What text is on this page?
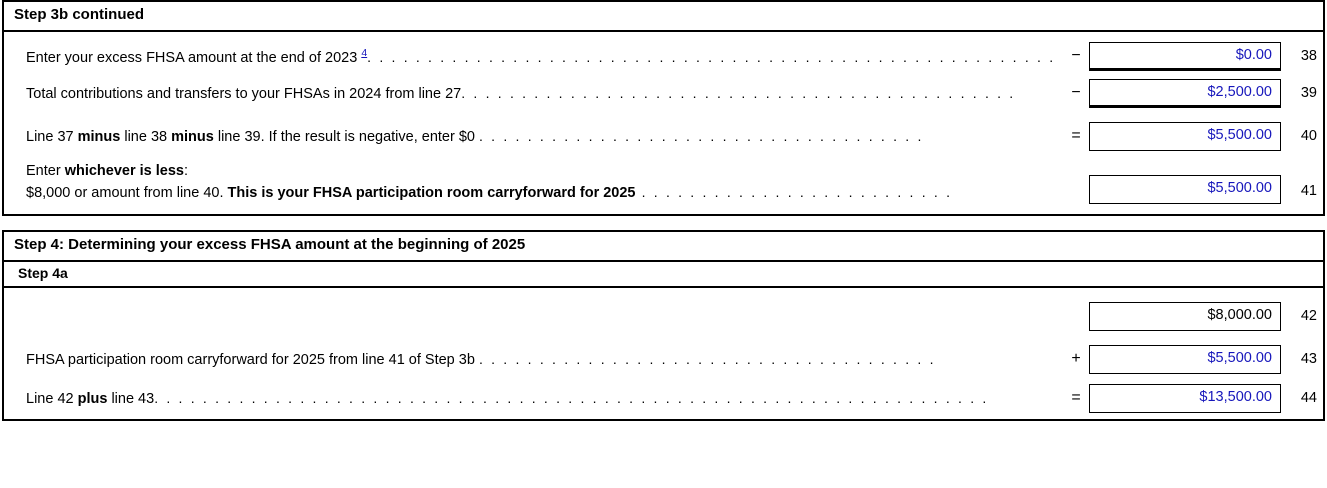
Step 3b continued
Enter your excess FHSA amount at the end of 2023 $^4$. . . . . . . . . . . . . . . . . . . . . . . . . . . . . . . . . . . . . . . . . . . . . . . . . . . . . . . . .	−	$0.00	38
Total contributions and transfers to your FHSAs in 2024 from line 27. . . . . . . . . . . . . . . . . . . . . . . . . . . . . . . . . . . . . . . . . . . . . .	−	$2,500.00	39
Line 37 minus line 38 minus line 39. If the result is negative, enter $0 . . . . . . . . . . . . . . . . . . . . . . . . . . . . . . . . . . . . .	=	$5,500.00	40
Enter whichever is less:
$8,000 or amount from line 40. This is your FHSA participation room carryforward for 2025 . . . . . . . . . . . . . . . . . . . . . . . . . .	$5,500.00	41
Step 4: Determining your excess FHSA amount at the beginning of 2025
Step 4a
$8,000.00	42
FHSA participation room carryforward for 2025 from line 41 of Step 3b . . . . . . . . . . . . . . . . . . . . . . . . . . . . . . . . . . . . . .	+	$5,500.00	43
Line 42 plus line 43. . . . . . . . . . . . . . . . . . . . . . . . . . . . . . . . . . . . . . . . . . . . . . . . . . . . . . . . . . . . . . . . . . . . .	=	$13,500.00	44
